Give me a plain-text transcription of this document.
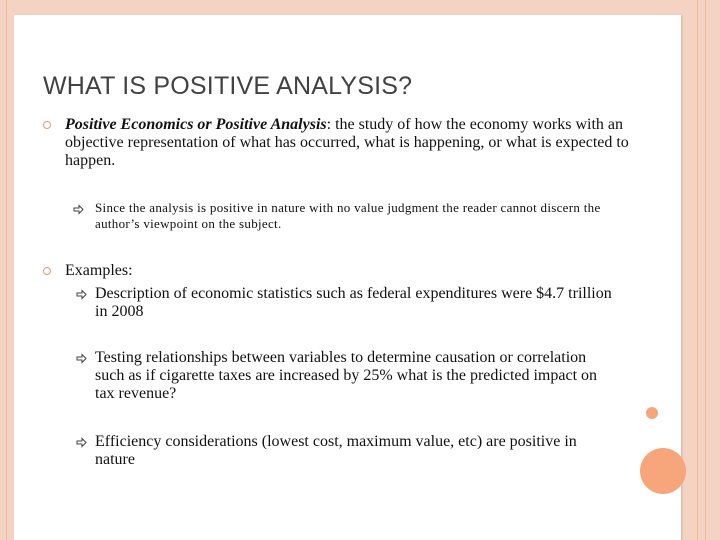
WHAT IS POSITIVE ANALYSIS?
Positive Economics or Positive Analysis: the study of how the economy works with an objective representation of what has occurred, what is happening, or what is expected to happen.
Since the analysis is positive in nature with no value judgment the reader cannot discern the author’s viewpoint on the subject.
Examples:
Description of economic statistics such as federal expenditures were $4.7 trillion in 2008
Testing relationships between variables to determine causation or correlation such as if cigarette taxes are increased by 25% what is the predicted impact on tax revenue?
Efficiency considerations (lowest cost, maximum value, etc) are positive in nature
